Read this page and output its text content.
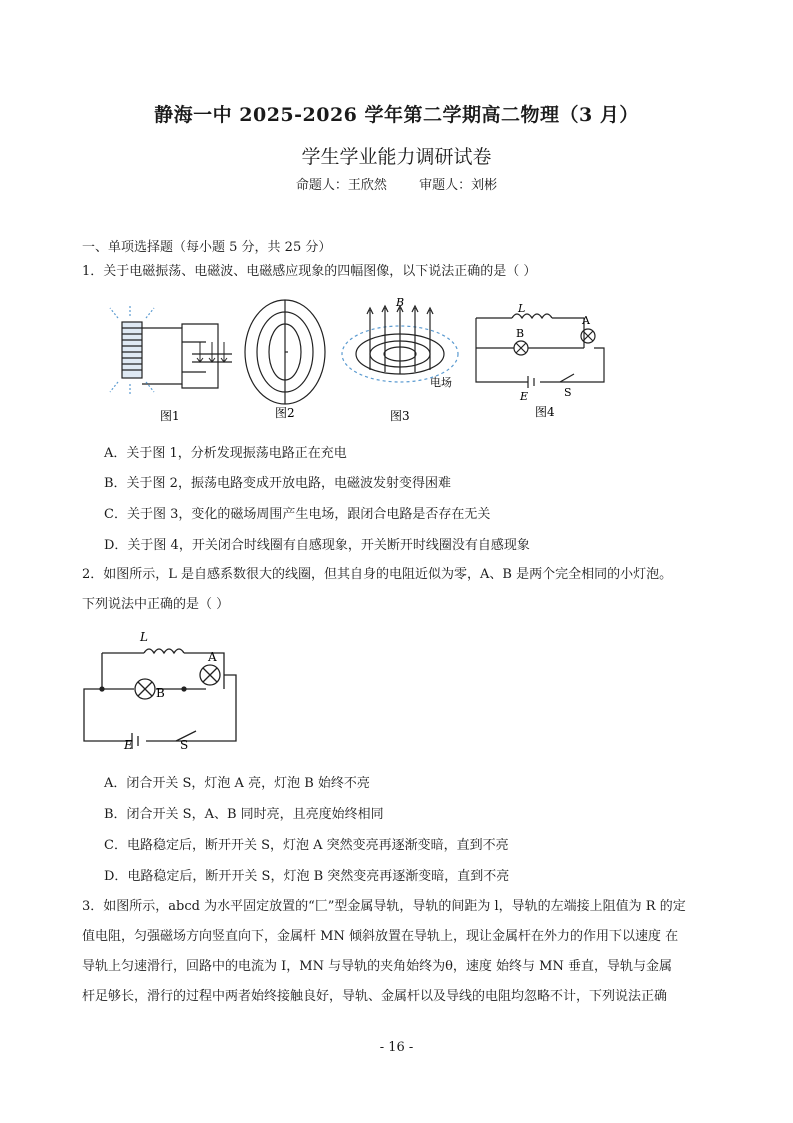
静海一中 2025-2026 学年第二学期高二物理（3 月）
学生学业能力调研试卷
命题人：王欣然 审题人：刘彬
一、单项选择题（每小题 5 分，共 25 分）
1．关于电磁振荡、电磁波、电磁感应现象的四幅图像，以下说法正确的是（ ）
图1	图2
B
电场
图3
L
A
B
E	S
图4
A．关于图 1，分析发现振荡电路正在充电
B．关于图 2，振荡电路变成开放电路，电磁波发射变得困难
C．关于图 3，变化的磁场周围产生电场，跟闭合电路是否存在无关
D．关于图 4，开关闭合时线圈有自感现象，开关断开时线圈没有自感现象
2．如图所示，L 是自感系数很大的线圈，但其自身的电阻近似为零，A、B 是两个完全相同的小灯泡。
下列说法中正确的是（ ）
L
A
B
E	S
A．闭合开关 S，灯泡 A 亮，灯泡 B 始终不亮
B．闭合开关 S，A、B 同时亮，且亮度始终相同
C．电路稳定后，断开开关 S，灯泡 A 突然变亮再逐渐变暗，直到不亮
D．电路稳定后，断开开关 S，灯泡 B 突然变亮再逐渐变暗，直到不亮
3．如图所示，abcd 为水平固定放置的“匚”型金属导轨，导轨的间距为 l，导轨的左端接上阻值为 R 的定
值电阻，匀强磁场方向竖直向下，金属杆 MN 倾斜放置在导轨上，现让金属杆在外力的作用下以速度 在
导轨上匀速滑行，回路中的电流为 I，MN 与导轨的夹角始终为θ，速度 始终与 MN 垂直，导轨与金属
杆足够长，滑行的过程中两者始终接触良好，导轨、金属杆以及导线的电阻均忽略不计，下列说法正确
- 16 -
